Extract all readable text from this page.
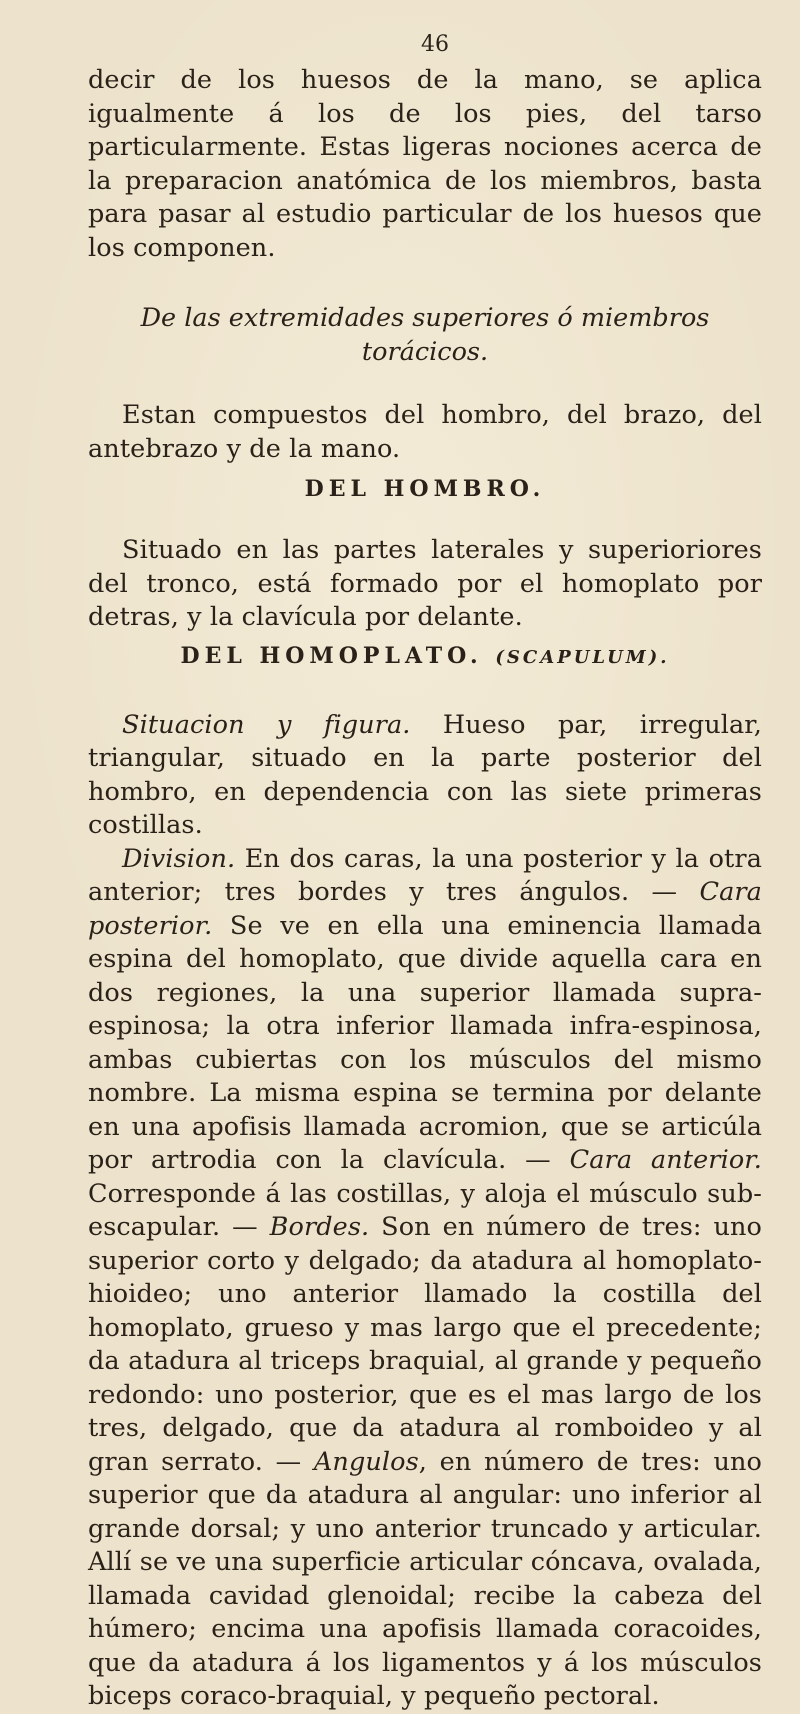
46

decir de los huesos de la mano, se aplica igualmente á los de los pies, del tarso particularmente. Estas ligeras nociones acerca de la preparacion anatómica de los miembros, basta para pasar al estudio particular de los huesos que los componen.

De las extremidades superiores ó miembros torácicos.

Estan compuestos del hombro, del brazo, del antebrazo y de la mano.

DEL HOMBRO.

Situado en las partes laterales y superioriores del tronco, está formado por el homoplato por detras, y la clavícula por delante.

DEL HOMOPLATO. (SCAPULUM).

Situacion y figura. Hueso par, irregular, triangular, situado en la parte posterior del hombro, en dependencia con las siete primeras costillas.

Division. En dos caras, la una posterior y la otra anterior; tres bordes y tres ángulos. — Cara posterior. Se ve en ella una eminencia llamada espina del homoplato, que divide aquella cara en dos regiones, la una superior llamada supra-espinosa; la otra inferior llamada infra-espinosa, ambas cubiertas con los músculos del mismo nombre. La misma espina se termina por delante en una apofisis llamada acromion, que se articúla por artrodia con la clavícula. — Cara anterior. Corresponde á las costillas, y aloja el músculo sub-escapular. — Bordes. Son en número de tres: uno superior corto y delgado; da atadura al homoplato-hioideo; uno anterior llamado la costilla del homoplato, grueso y mas largo que el precedente; da atadura al triceps braquial, al grande y pequeño redondo: uno posterior, que es el mas largo de los tres, delgado, que da atadura al romboideo y al gran serrato. — Angulos, en número de tres: uno superior que da atadura al angular: uno inferior al grande dorsal; y uno anterior truncado y articular. Allí se ve una superficie articular cóncava, ovalada, llamada cavidad glenoidal; recibe la cabeza del húmero; encima una apofisis llamada coracoides, que da atadura á los ligamentos y á los músculos biceps coraco-braquial, y pequeño pectoral.
